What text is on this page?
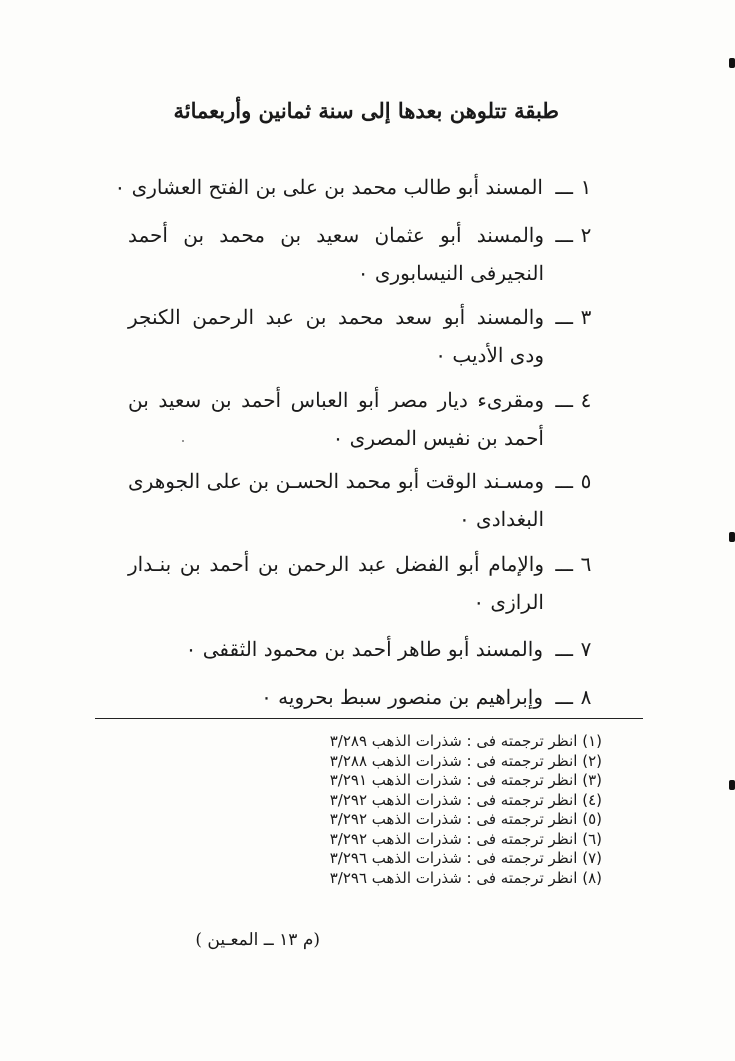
طبقة تتلوهن بعدها إلى سنة ثمانين وأربعمائة
١
ـــ
المسند أبو طالب محمد بن على بن الفتح العشارى ٠
٢
ـــ
والمسند أبو عثمان سعيد بن محمد بن أحمد النجيرفى النيسابورى ٠
٣
ـــ
والمسند أبو سعد محمد بن عبد الرحمن الكنجر ودى الأديب ٠
٤
ـــ
ومقرىء ديار مصر أبو العباس أحمد بن سعيد بن أحمد بن نفيس المصرى ٠
٥
ـــ
ومسـند الوقت أبو محمد الحسـن بن على الجوهرى البغدادى ٠
٦
ـــ
والإمام أبو الفضل عبد الرحمن بن أحمد بن بنـدار الرازى ٠
٧
ـــ
والمسند أبو طاهر أحمد بن محمود الثقفى ٠
٨
ـــ
وإبراهيم بن منصور سبط بحرويه ٠
(١) انظر ترجمته فى : شذرات الذهب ٣/٢٨٩
(٢) انظر ترجمته فى : شذرات الذهب ٣/٢٨٨
(٣) انظر ترجمته فى : شذرات الذهب ٣/٢٩١
(٤) انظر ترجمته فى : شذرات الذهب ٣/٢٩٢
(٥) انظر ترجمته فى : شذرات الذهب ٣/٢٩٢
(٦) انظر ترجمته فى : شذرات الذهب ٣/٢٩٢
(٧) انظر ترجمته فى : شذرات الذهب ٣/٢٩٦
(٨) انظر ترجمته فى : شذرات الذهب ٣/٢٩٦
(م ١٣ ــ المعـين )
